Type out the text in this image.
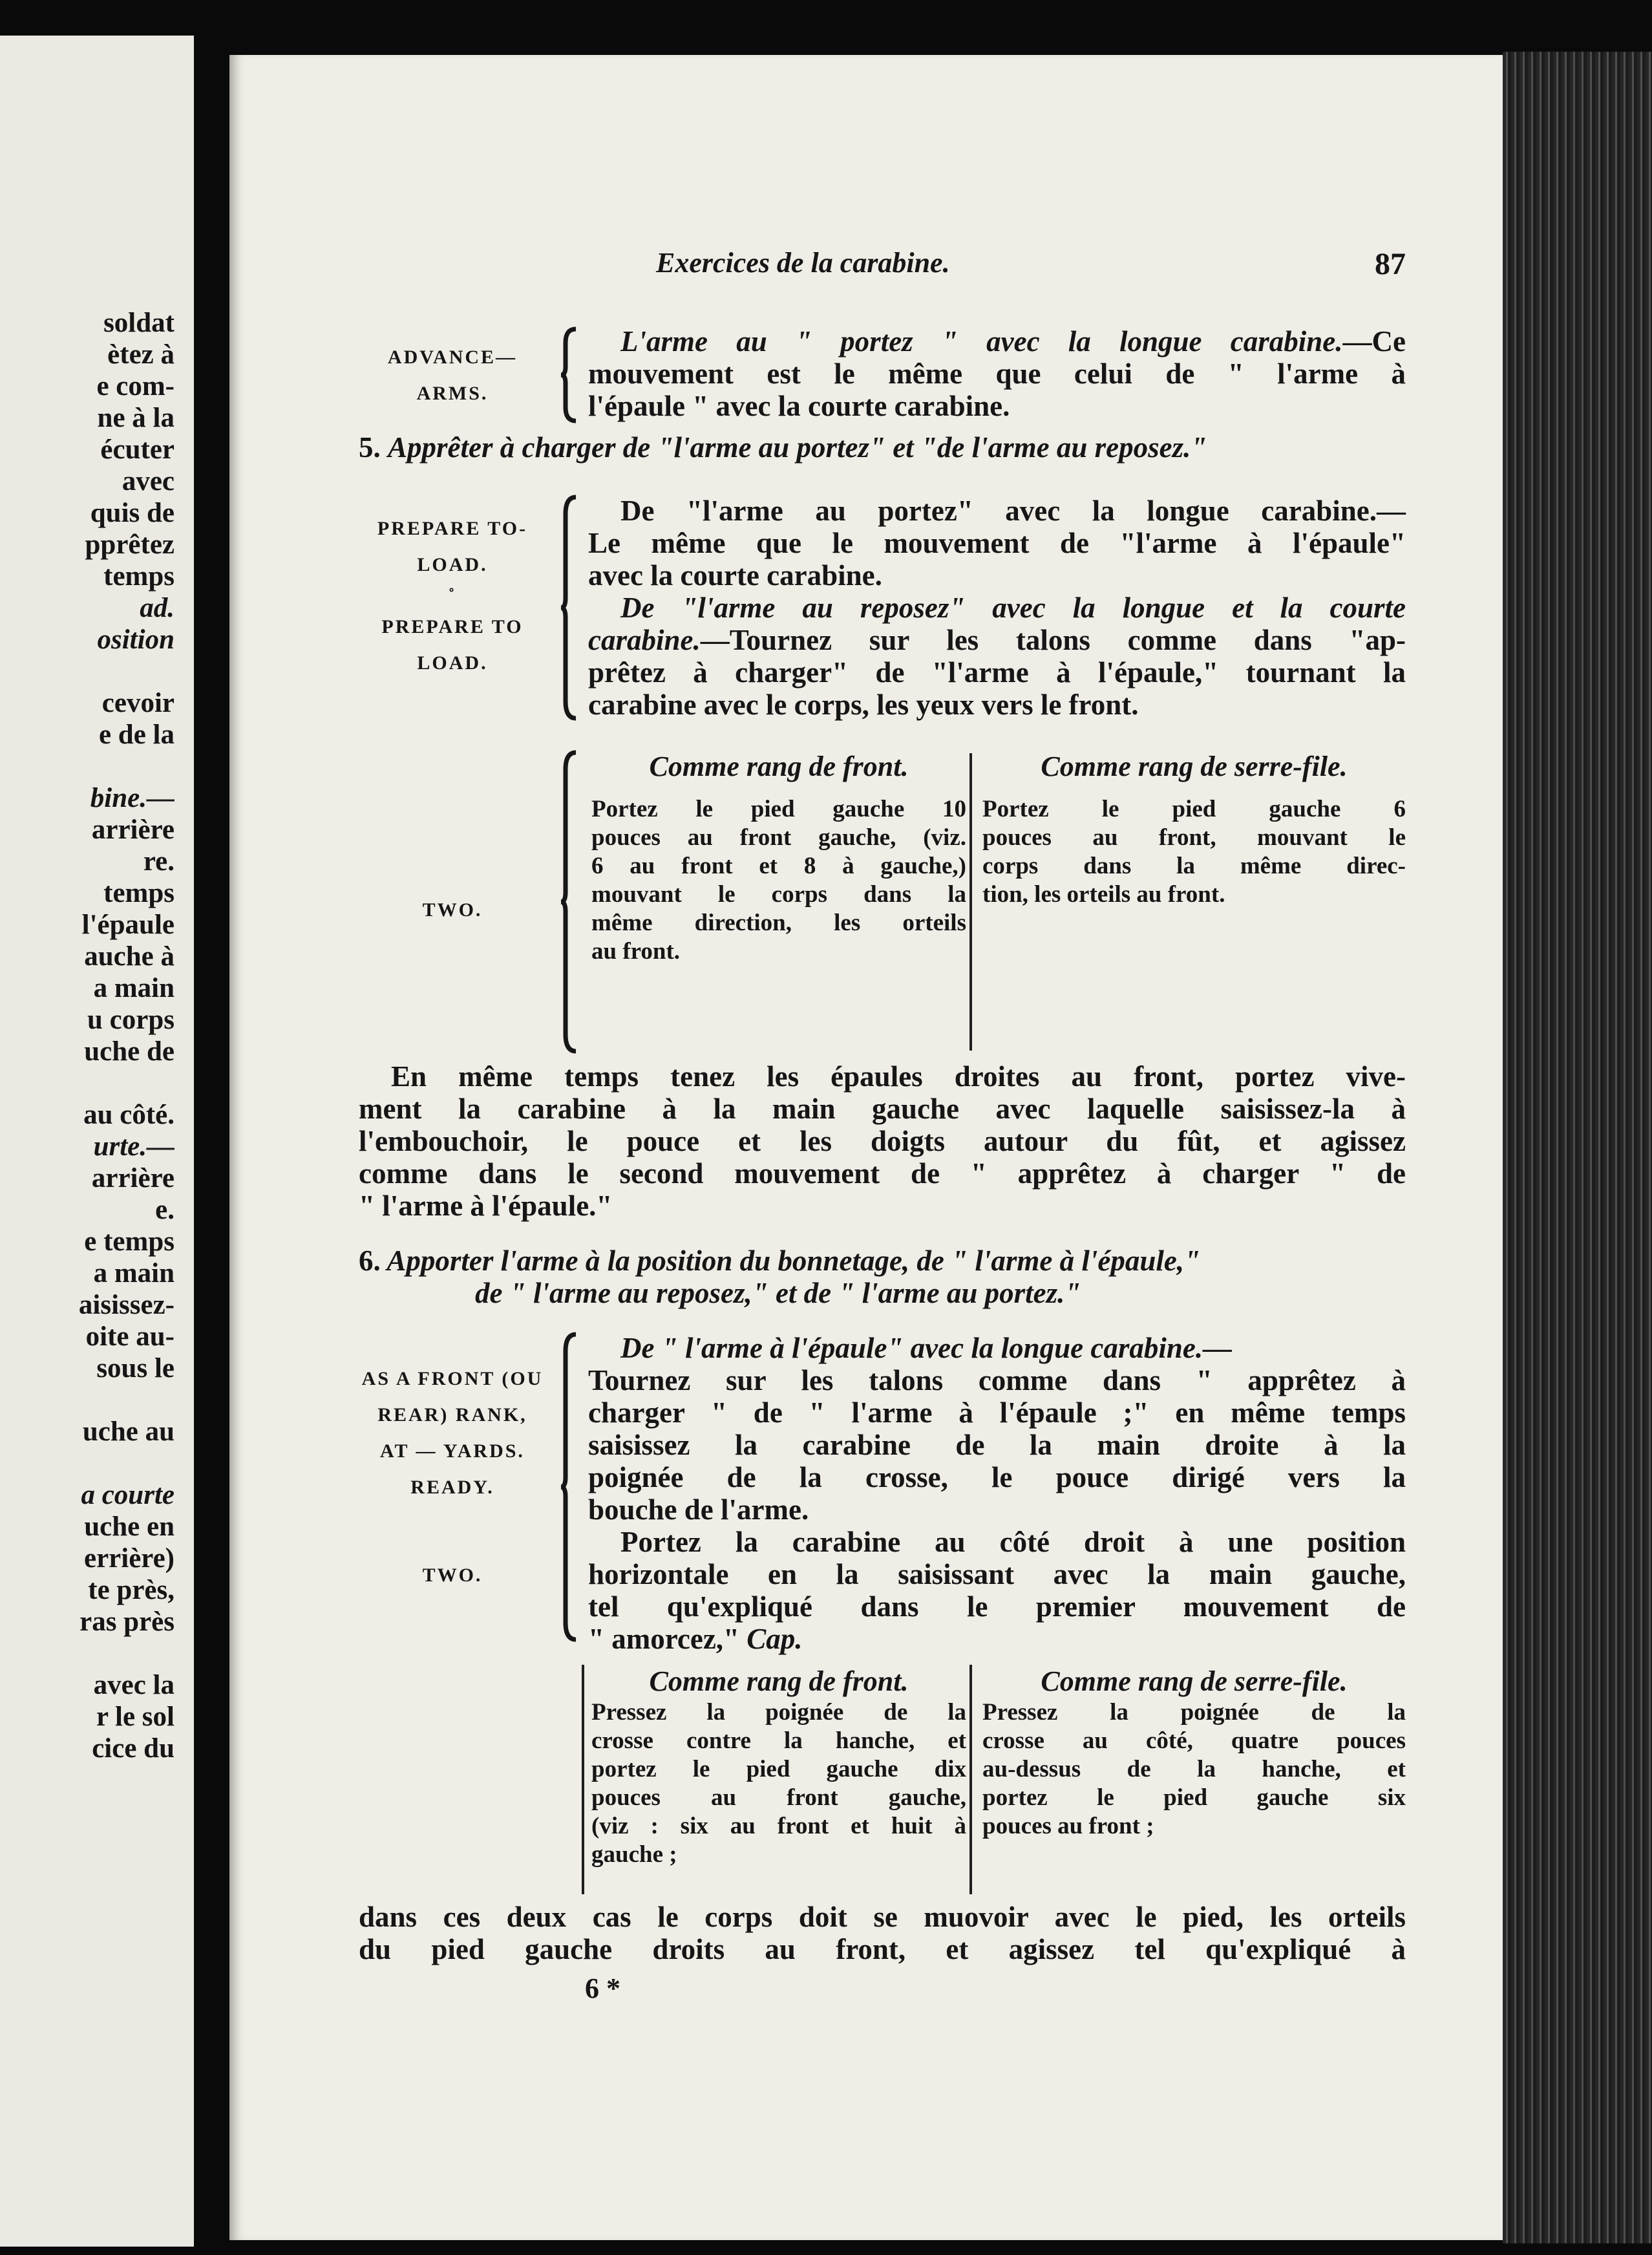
soldat
ètez à
e com-
ne à la
écuter
avec
quis de
pprêtez
temps
ad.
osition
cevoir
e de la
bine.—
arrière
re.
temps
l'épaule
auche à
a main
u corps
uche de
au côté.
urte.—
arrière
e.
e temps
a main
aisissez-
oite au-
sous le
uche au
a courte
uche en
errière)
te près,
ras près
avec la
r le sol
cice du
Exercices de la carabine.	87
ADVANCE—
ARMS.
L'arme au " portez " avec la longue carabine.—Ce
mouvement est le même que celui de " l'arme à
l'épaule " avec la courte carabine.
5. Apprêter à charger de "l'arme au portez" et "de l'arme au reposez."
PREPARE TO-
LOAD.
˚
PREPARE TO
LOAD.
De "l'arme au portez" avec la longue carabine.—
Le même que le mouvement de "l'arme à l'épaule"
avec la courte carabine.
De "l'arme au reposez" avec la longue et la courte
carabine.—Tournez sur les talons comme dans "ap-
prêtez à charger" de "l'arme à l'épaule," tournant la
carabine avec le corps, les yeux vers le front.
TWO.
Comme rang de front.
Portez le pied gauche 10
pouces au front gauche, (viz.
6 au front et 8 à gauche,)
mouvant le corps dans la
même direction, les orteils
au front.
Comme rang de serre-file.
Portez le pied gauche 6
pouces au front, mouvant le
corps dans la même direc-
tion, les orteils au front.
En même temps tenez les épaules droites au front, portez vive-
ment la carabine à la main gauche avec laquelle saisissez-la à
l'embouchoir, le pouce et les doigts autour du fût, et agissez
comme dans le second mouvement de " apprêtez à charger " de
" l'arme à l'épaule."
6. Apporter l'arme à la position du bonnetage, de " l'arme à l'épaule,"
de " l'arme au reposez," et de " l'arme au portez."
AS A FRONT (OU
REAR) RANK,
AT — YARDS.
READY.
TWO.
De " l'arme à l'épaule" avec la longue carabine.—
Tournez sur les talons comme dans " apprêtez à
charger " de " l'arme à l'épaule ;" en même temps
saisissez la carabine de la main droite à la
poignée de la crosse, le pouce dirigé vers la
bouche de l'arme.
Portez la carabine au côté droit à une position
horizontale en la saisissant avec la main gauche,
tel qu'expliqué dans le premier mouvement de
" amorcez," Cap.
Comme rang de front.
Pressez la poignée de la
crosse contre la hanche, et
portez le pied gauche dix
pouces au front gauche,
(viz : six au front et huit à
gauche ;
Comme rang de serre-file.
Pressez la poignée de la
crosse au côté, quatre pouces
au-dessus de la hanche, et
portez le pied gauche six
pouces au front ;
dans ces deux cas le corps doit se muovoir avec le pied, les orteils
du pied gauche droits au front, et agissez tel qu'expliqué à
6 *
